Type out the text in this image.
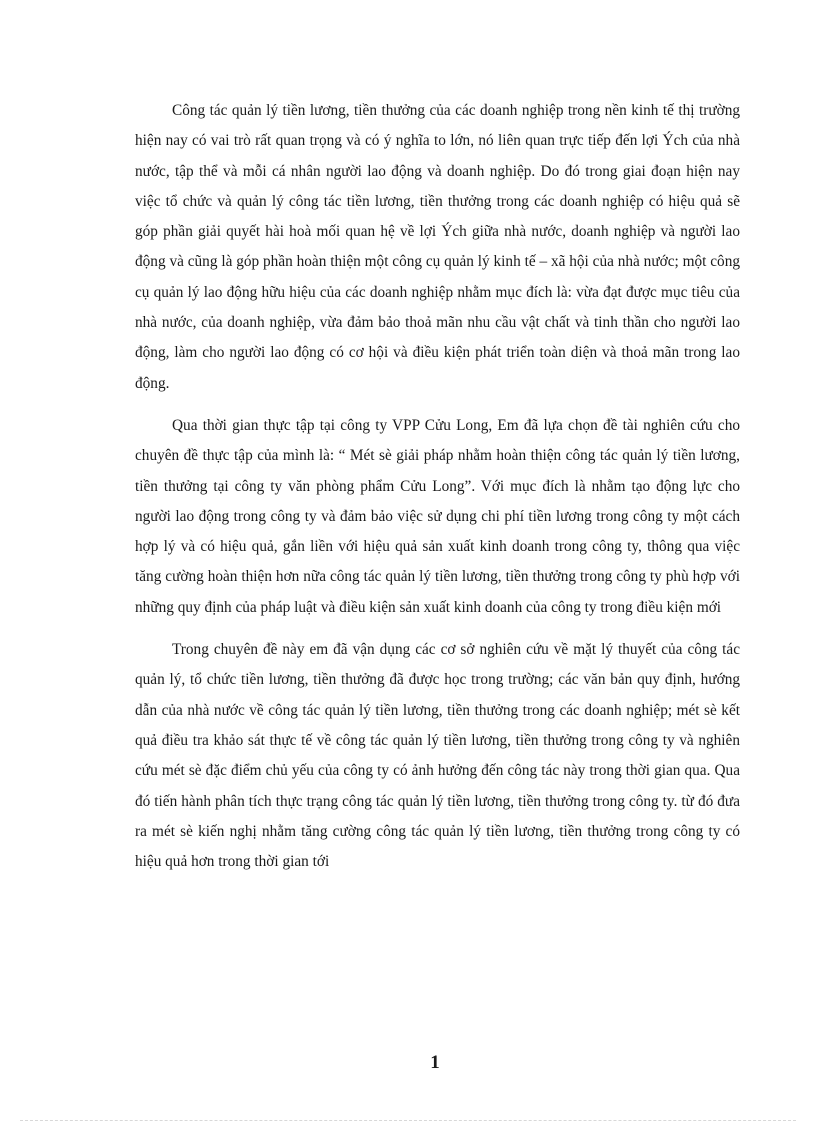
Công tác quản lý tiền lương, tiền thưởng của các doanh nghiệp trong nền kinh tế thị trường hiện nay có vai trò rất quan trọng và có ý nghĩa to lớn, nó liên quan trực tiếp đến lợi Ých của nhà nước, tập thể và mỗi cá nhân người lao động và doanh nghiệp. Do đó trong giai đoạn hiện nay việc tổ chức và quản lý công tác tiền lương, tiền thưởng trong các doanh nghiệp có hiệu quả sẽ góp phần giải quyết hài hoà mối quan hệ về lợi Ých giữa nhà nước, doanh nghiệp và người lao động và cũng là góp phần hoàn thiện một công cụ quản lý kinh tế – xã hội của nhà nước; một công cụ quản lý lao động hữu hiệu của các doanh nghiệp nhằm mục đích là: vừa đạt được mục tiêu của nhà nước, của doanh nghiệp, vừa đảm bảo thoả mãn nhu cầu vật chất và tinh thần cho người lao động, làm cho người lao động có cơ hội và điều kiện phát triển toàn diện và thoả mãn trong lao động.

Qua thời gian thực tập tại công ty VPP Cửu Long, Em đã lựa chọn đề tài nghiên cứu cho chuyên đề thực tập của mình là: “ Mét sè giải pháp nhằm hoàn thiện công tác quản lý tiền lương, tiền thưởng tại công ty văn phòng phẩm Cửu Long”. Với mục đích là nhằm tạo động lực cho người lao động trong công ty và đảm bảo việc sử dụng chi phí tiền lương trong công ty một cách hợp lý và có hiệu quả, gắn liền với hiệu quả sản xuất kinh doanh trong công ty, thông qua việc tăng cường hoàn thiện hơn nữa công tác quản lý tiền lương, tiền thưởng trong công ty phù hợp với những quy định của pháp luật và điều kiện sản xuất kinh doanh của công ty trong điều kiện mới

Trong chuyên đề này em đã vận dụng các cơ sở nghiên cứu về mặt lý thuyết của công tác quản lý, tổ chức tiền lương, tiền thưởng đã được học trong trường; các văn bản quy định, hướng dẫn của nhà nước về công tác quản lý tiền lương, tiền thưởng trong các doanh nghiệp; mét sè kết quả điều tra khảo sát thực tế về công tác quản lý tiền lương, tiền thưởng trong công ty và nghiên cứu mét sè đặc điểm chủ yếu của công ty có ảnh hưởng đến công tác này trong thời gian qua. Qua đó tiến hành phân tích thực trạng công tác quản lý tiền lương, tiền thưởng trong công ty. từ đó đưa ra mét sè kiến nghị nhằm tăng cường công tác quản lý tiền lương, tiền thưởng trong công ty có hiệu quả hơn trong thời gian tới

1
